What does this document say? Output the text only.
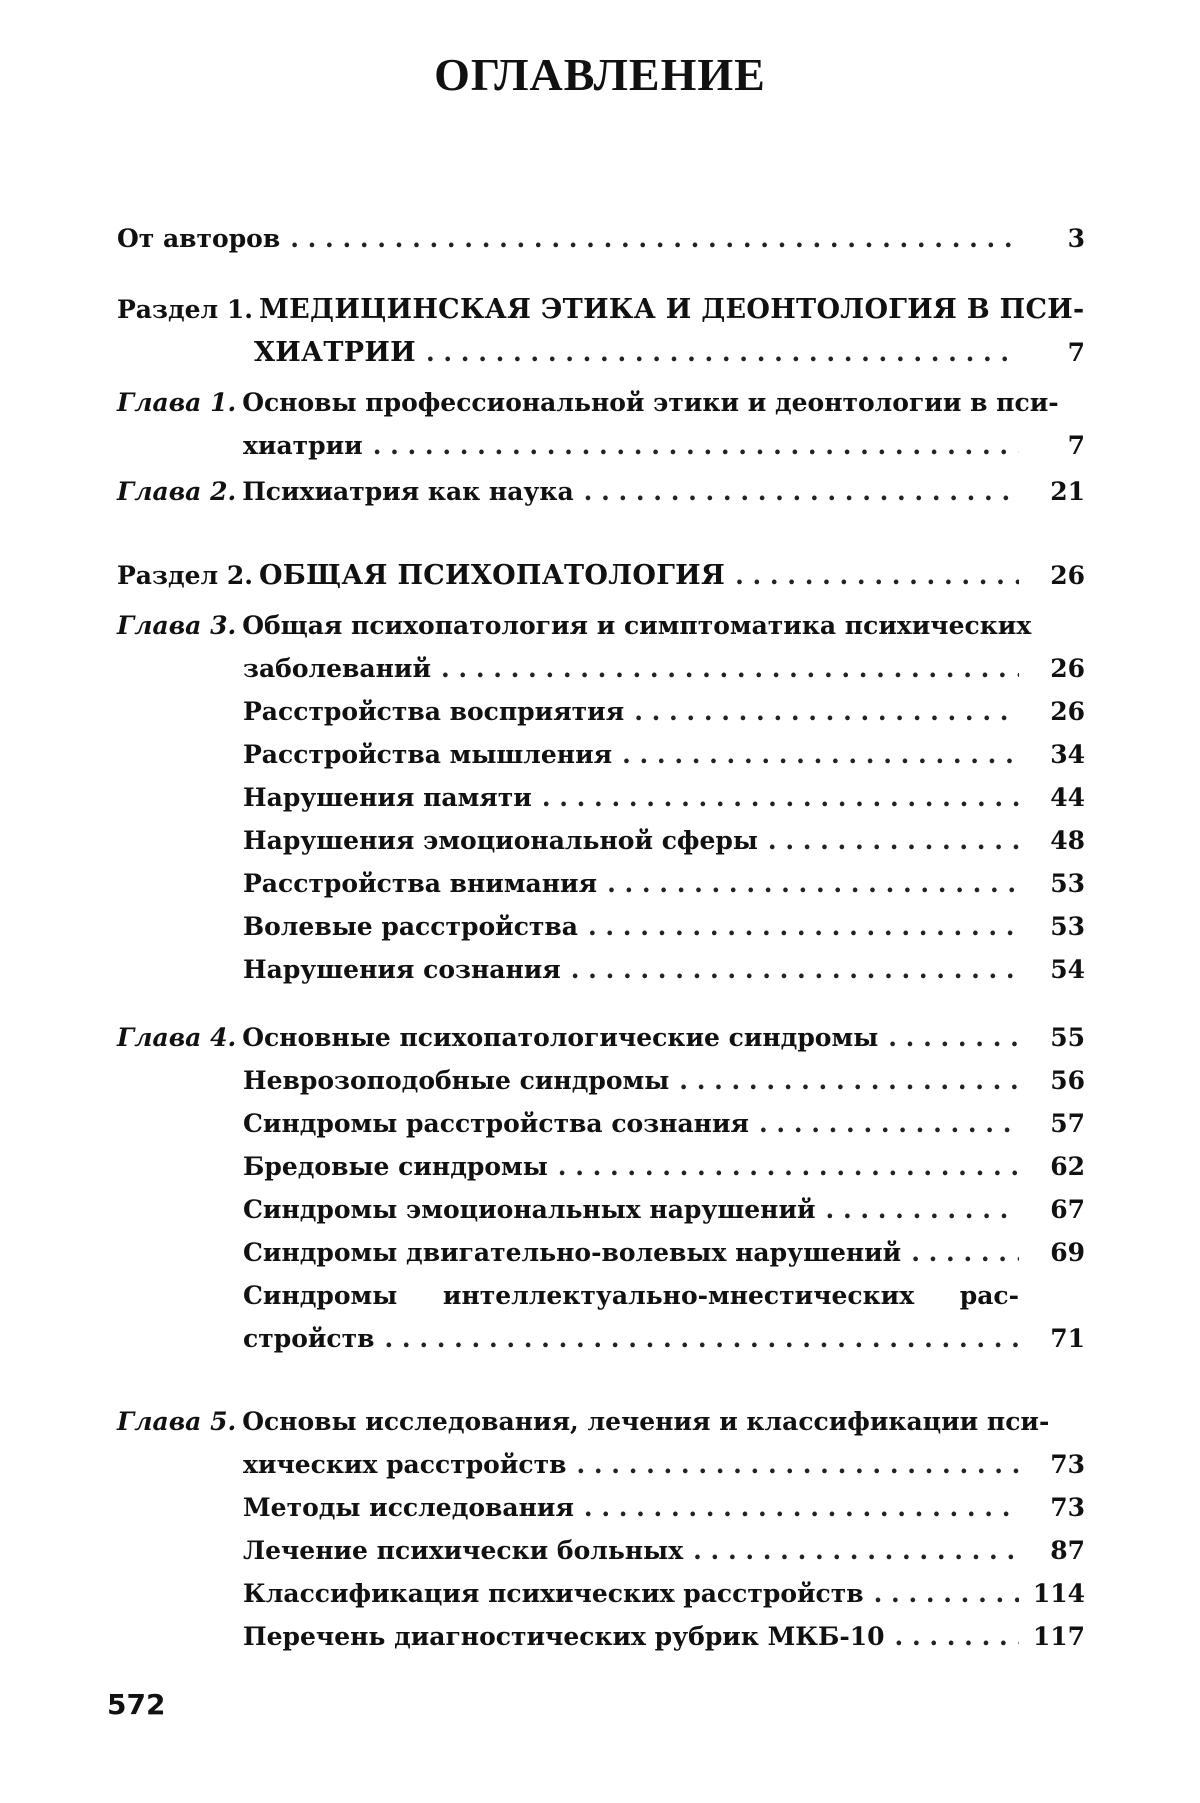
ОГЛАВЛЕНИЕ
От авторов . . .	3
Раздел 1. МЕДИЦИНСКАЯ ЭТИКА И ДЕОНТОЛОГИЯ В ПСИ-
ХИАТРИИ . . .	7
Глава 1. Основы профессиональной этики и деонтологии в пси-
хиатрии . . .	7
Глава 2. Психиатрия как наука . . .	21
Раздел 2. ОБЩАЯ ПСИХОПАТОЛОГИЯ . . .	26
Глава 3. Общая психопатология и симптоматика психических
заболеваний . . .	26
Расстройства восприятия . . .	26
Расстройства мышления . . .	34
Нарушения памяти . . .	44
Нарушения эмоциональной сферы . . .	48
Расстройства внимания . . .	53
Волевые расстройства . . .	53
Нарушения сознания . . .	54
Глава 4. Основные психопатологические синдромы . . .	55
Неврозоподобные синдромы . . .	56
Синдромы расстройства сознания . . .	57
Бредовые синдромы . . .	62
Синдромы эмоциональных нарушений . . .	67
Синдромы двигательно-волевых нарушений . . .	69
Синдромы интеллектуально-мнестических рас-
стройств . . .	71
Глава 5. Основы исследования, лечения и классификации пси-
хических расстройств . . .	73
Методы исследования . . .	73
Лечение психически больных . . .	87
Классификация психических расстройств . . .	114
Перечень диагностических рубрик МКБ-10 . . .	117
572
